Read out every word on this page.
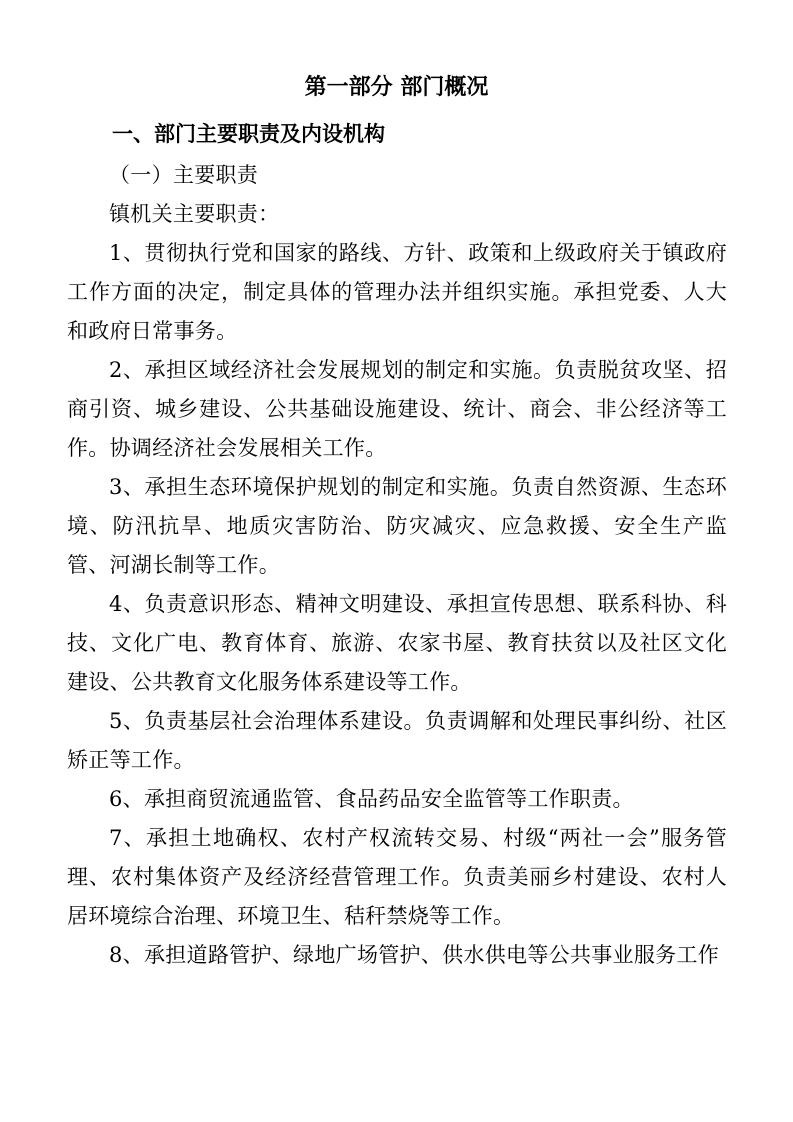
第一部分 部门概况
一、部门主要职责及内设机构

（一）主要职责

镇机关主要职责：

1、贯彻执行党和国家的路线、方针、政策和上级政府关于镇政府工作方面的决定，制定具体的管理办法并组织实施。承担党委、人大和政府日常事务。

2、承担区域经济社会发展规划的制定和实施。负责脱贫攻坚、招商引资、城乡建设、公共基础设施建设、统计、商会、非公经济等工作。协调经济社会发展相关工作。

3、承担生态环境保护规划的制定和实施。负责自然资源、生态环境、防汛抗旱、地质灾害防治、防灾减灾、应急救援、安全生产监管、河湖长制等工作。

4、负责意识形态、精神文明建设、承担宣传思想、联系科协、科技、文化广电、教育体育、旅游、农家书屋、教育扶贫以及社区文化建设、公共教育文化服务体系建设等工作。

5、负责基层社会治理体系建设。负责调解和处理民事纠纷、社区矫正等工作。

6、承担商贸流通监管、食品药品安全监管等工作职责。

7、承担土地确权、农村产权流转交易、村级“两社一会”服务管理、农村集体资产及经济经营管理工作。负责美丽乡村建设、农村人居环境综合治理、环境卫生、秸秆禁烧等工作。

8、承担道路管护、绿地广场管护、供水供电等公共事业服务工作
